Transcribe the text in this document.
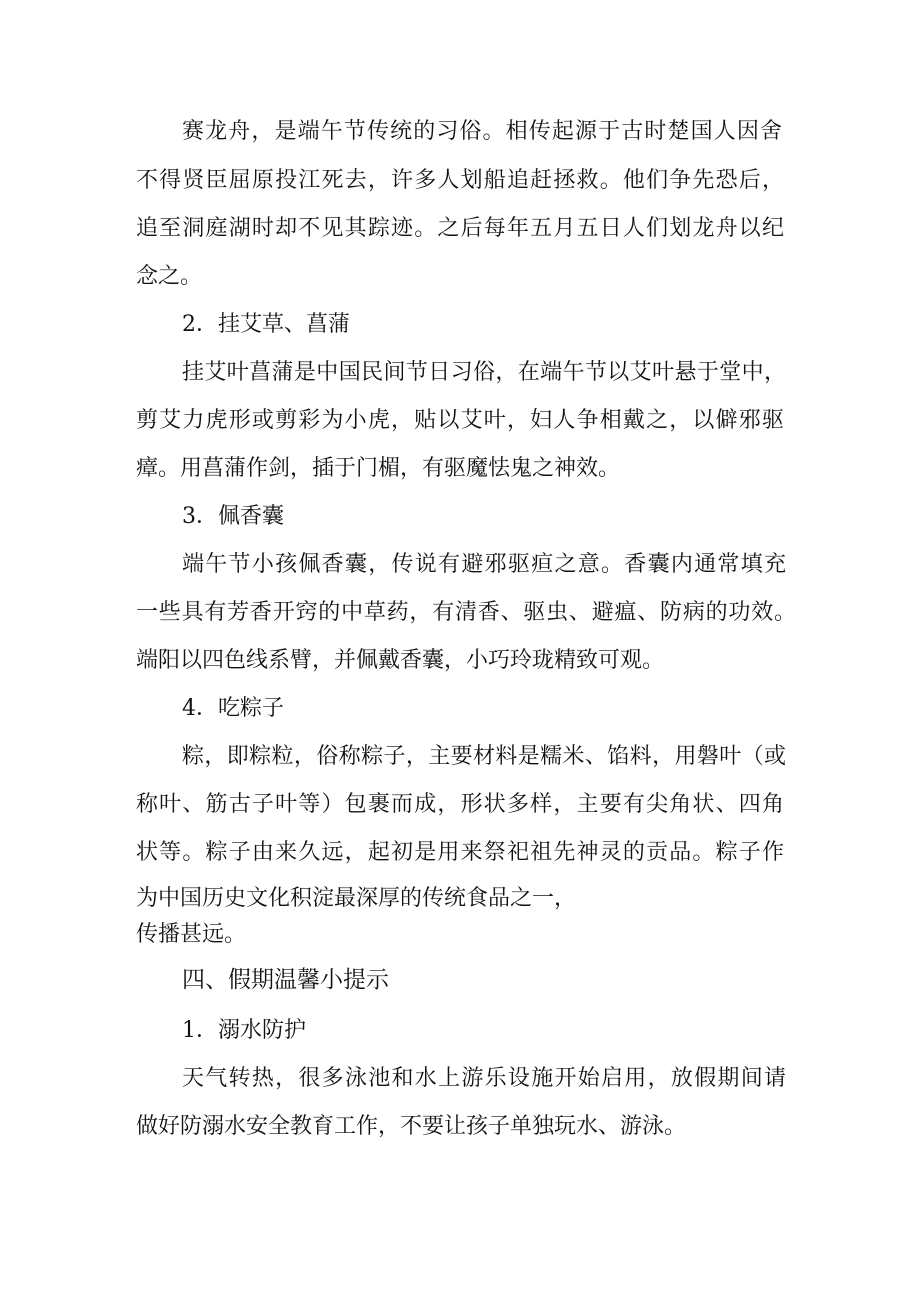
赛龙舟，是端午节传统的习俗。相传起源于古时楚国人因舍
不得贤臣屈原投江死去，许多人划船追赶拯救。他们争先恐后，
追至洞庭湖时却不见其踪迹。之后每年五月五日人们划龙舟以纪
念之。
2．挂艾草、菖蒲
挂艾叶菖蒲是中国民间节日习俗，在端午节以艾叶悬于堂中，
剪艾力虎形或剪彩为小虎，贴以艾叶，妇人争相戴之，以僻邪驱
瘴。用菖蒲作剑，插于门楣，有驱魔怯鬼之神效。
3．佩香囊
端午节小孩佩香囊，传说有避邪驱疸之意。香囊内通常填充
一些具有芳香开窍的中草药，有清香、驱虫、避瘟、防病的功效。
端阳以四色线系臂，并佩戴香囊，小巧玲珑精致可观。
4．吃粽子
粽，即粽粒，俗称粽子，主要材料是糯米、馅料，用磐叶（或
称叶、筋古子叶等）包裹而成，形状多样，主要有尖角状、四角
状等。粽子由来久远，起初是用来祭祀祖先神灵的贡品。粽子作
为中国历史文化积淀最深厚的传统食品之一，
传播甚远。
四、假期温馨小提示
1．溺水防护
天气转热，很多泳池和水上游乐设施开始启用，放假期间请
做好防溺水安全教育工作，不要让孩子单独玩水、游泳。
